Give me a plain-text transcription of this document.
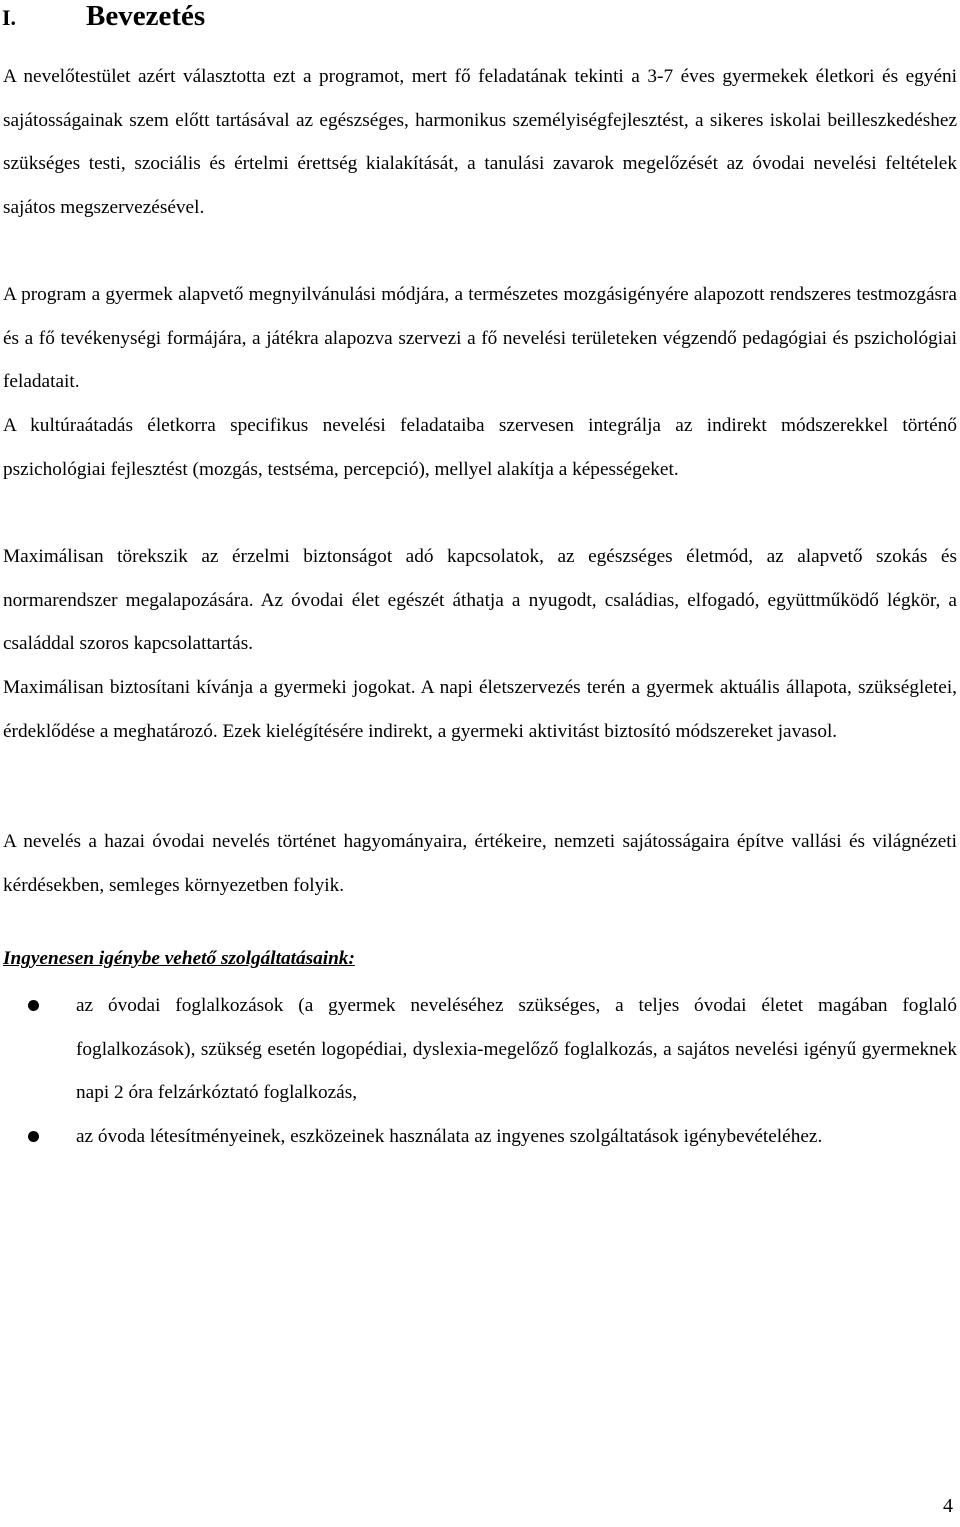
I. Bevezetés

A nevelőtestület azért választotta ezt a programot, mert fő feladatának tekinti a 3-7 éves gyermekek életkori és egyéni sajátosságainak szem előtt tartásával az egészséges, harmonikus személyiségfejlesztést, a sikeres iskolai beilleszkedéshez szükséges testi, szociális és értelmi érettség kialakítását, a tanulási zavarok megelőzését az óvodai nevelési feltételek sajátos megszervezésével.

A program a gyermek alapvető megnyilvánulási módjára, a természetes mozgásigényére alapozott rendszeres testmozgásra és a fő tevékenységi formájára, a játékra alapozva szervezi a fő nevelési területeken végzendő pedagógiai és pszichológiai feladatait.

A kultúraátadás életkorra specifikus nevelési feladataiba szervesen integrálja az indirekt módszerekkel történő pszichológiai fejlesztést (mozgás, testséma, percepció), mellyel alakítja a képességeket.

Maximálisan törekszik az érzelmi biztonságot adó kapcsolatok, az egészséges életmód, az alapvető szokás és normarendszer megalapozására. Az óvodai élet egészét áthatja a nyugodt, családias, elfogadó, együttműködő légkör, a családdal szoros kapcsolattartás.

Maximálisan biztosítani kívánja a gyermeki jogokat. A napi életszervezés terén a gyermek aktuális állapota, szükségletei, érdeklődése a meghatározó. Ezek kielégítésére indirekt, a gyermeki aktivitást biztosító módszereket javasol.

A nevelés a hazai óvodai nevelés történet hagyományaira, értékeire, nemzeti sajátosságaira építve vallási és világnézeti kérdésekben, semleges környezetben folyik.

Ingyenesen igénybe vehető szolgáltatásaink:

az óvodai foglalkozások (a gyermek neveléséhez szükséges, a teljes óvodai életet magában foglaló foglalkozások), szükség esetén logopédiai, dyslexia-megelőző foglalkozás, a sajátos nevelési igényű gyermeknek napi 2 óra felzárkóztató foglalkozás,
az óvoda létesítményeinek, eszközeinek használata az ingyenes szolgáltatások igénybevételéhez.

4
